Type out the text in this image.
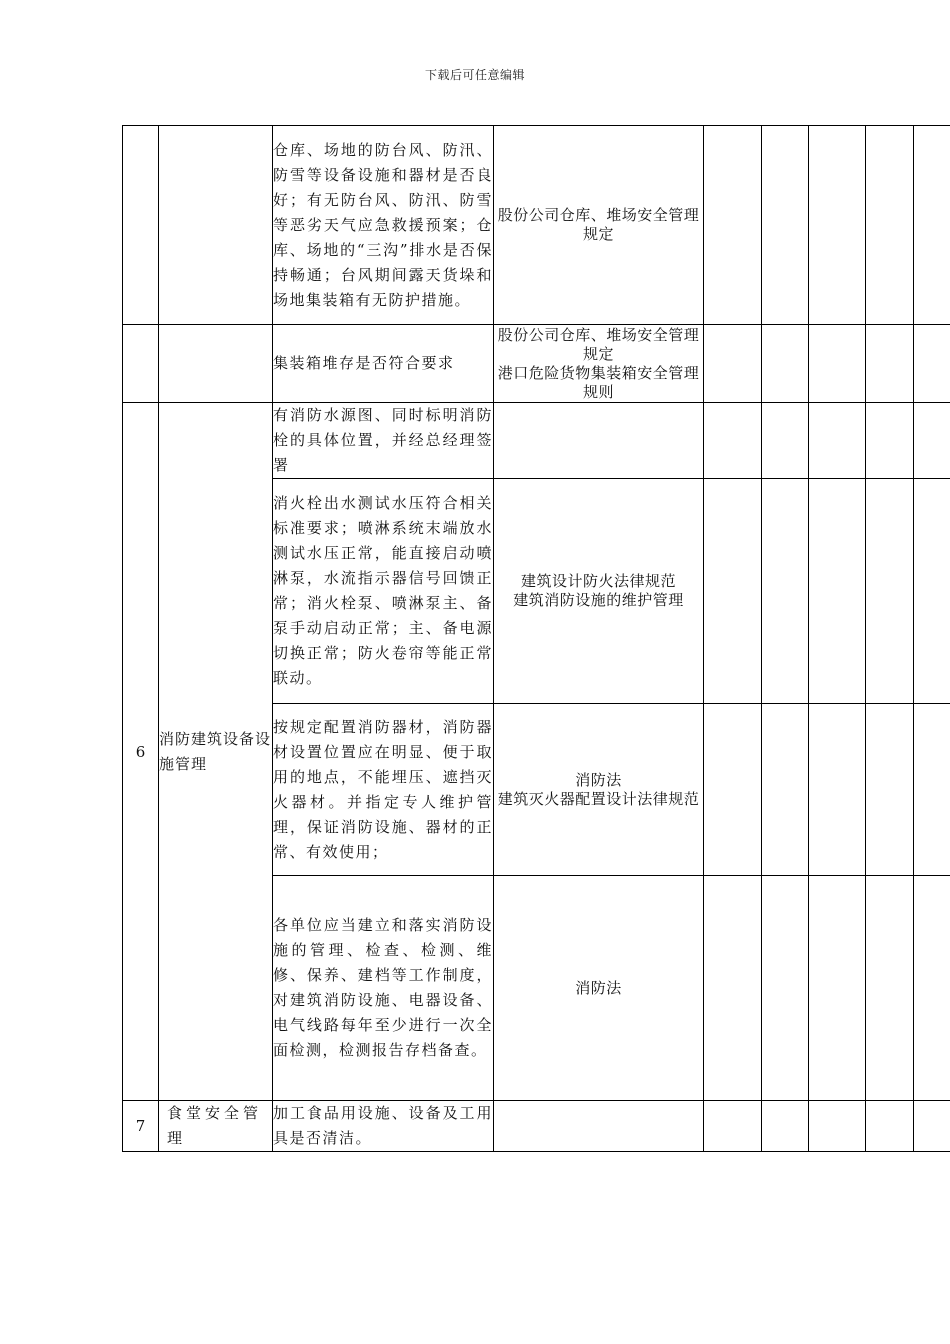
下载后可任意编辑
		仓库、场地的防台风、防汛、防雪等设备设施和器材是否良好；有无防台风、防汛、防雪等恶劣天气应急救援预案；仓库、场地的“三沟”排水是否保持畅通；台风期间露天货垛和场地集装箱有无防护措施。	股份公司仓库、堆场安全管理规定					

		集装箱堆存是否符合要求	股份公司仓库、堆场安全管理规定
港口危险货物集装箱安全管理规则					

6	消防建筑设备设施管理	有消防水源图、同时标明消防栓的具体位置，并经总经理签署						
		消火栓出水测试水压符合相关标准要求；喷淋系统末端放水测试水压正常，能直接启动喷淋泵，水流指示器信号回馈正常；消火栓泵、喷淋泵主、备泵手动启动正常；主、备电源切换正常；防火卷帘等能正常联动。	建筑设计防火法律规范
建筑消防设施的维护管理					

		按规定配置消防器材，消防器材设置位置应在明显、便于取用的地点，不能埋压、遮挡灭火器材。并指定专人维护管理，保证消防设施、器材的正常、有效使用；	消防法
建筑灭火器配置设计法律规范					

		各单位应当建立和落实消防设施的管理、检查、检测、维修、保养、建档等工作制度，对建筑消防设施、电器设备、电气线路每年至少进行一次全面检测，检测报告存档备查。	消防法					

7	食堂安全管理	加工食品用设施、设备及工用具是否清洁。						
